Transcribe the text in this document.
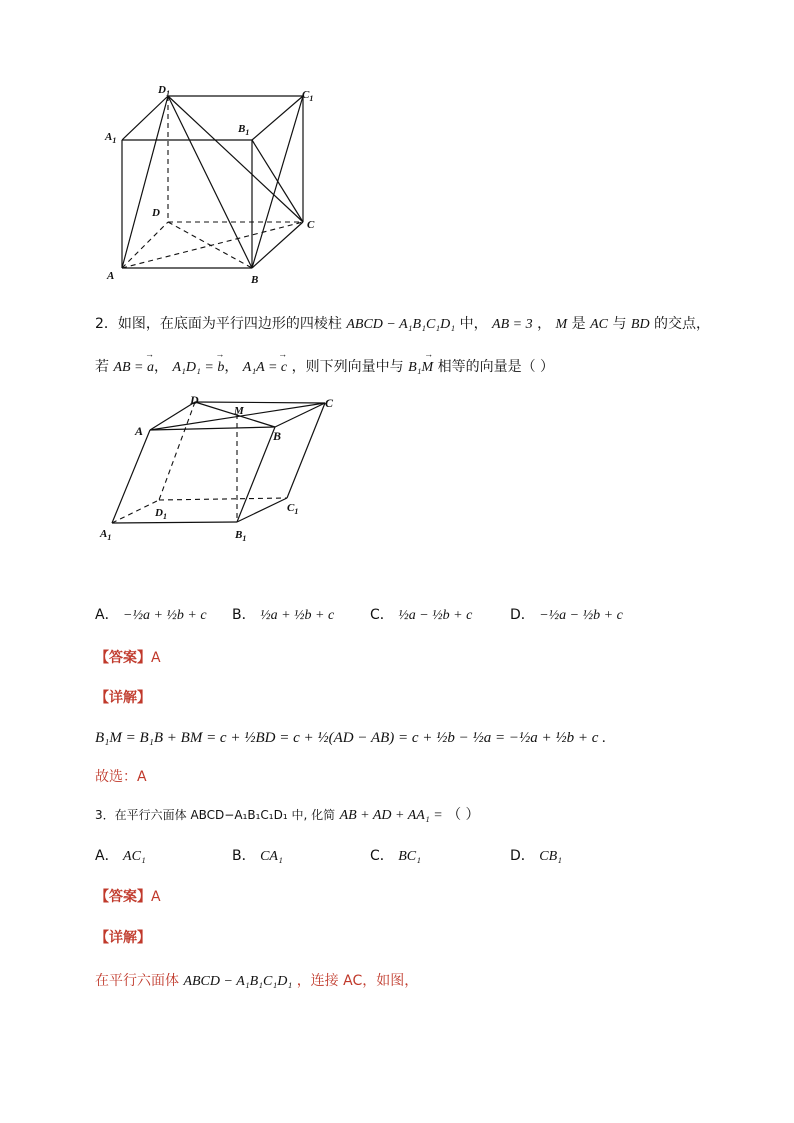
$D_1$	$C_1$
$A_1$
$B_1$
D
C
A	B
2．如图，在底面为平行四边形的四棱柱 ABCD − A₁B₁C₁D₁ 中， AB = 3 ， M 是 AC 与 BD 的交点，
若 → AB = a， → A₁D₁ = b， → A₁A = c ，则下列向量中与 → B₁M 相等的向量是（ ）
D
M
C
A	B
$D_1$
$C_1$
$A_1$	$B_1$
A． −½a + ½b + c B． ½a + ½b + c	C． ½a − ½b + c	D． −½a − ½b + c
【答案】A
【详解】
B₁M = B₁B + BM = c + ½BD = c + ½(AD − AB) = c + ½b − ½a = −½a + ½b + c .
故选：A
3．在平行六面体 ABCD−A₁B₁C₁D₁ 中, 化简 AB + AD + AA₁ = （ ）
A． AC₁	B． CA₁	C． BC₁	D． CB₁
【答案】A
【详解】
在平行六面体 ABCD − A₁B₁C₁D₁ ，连接 AC，如图，
